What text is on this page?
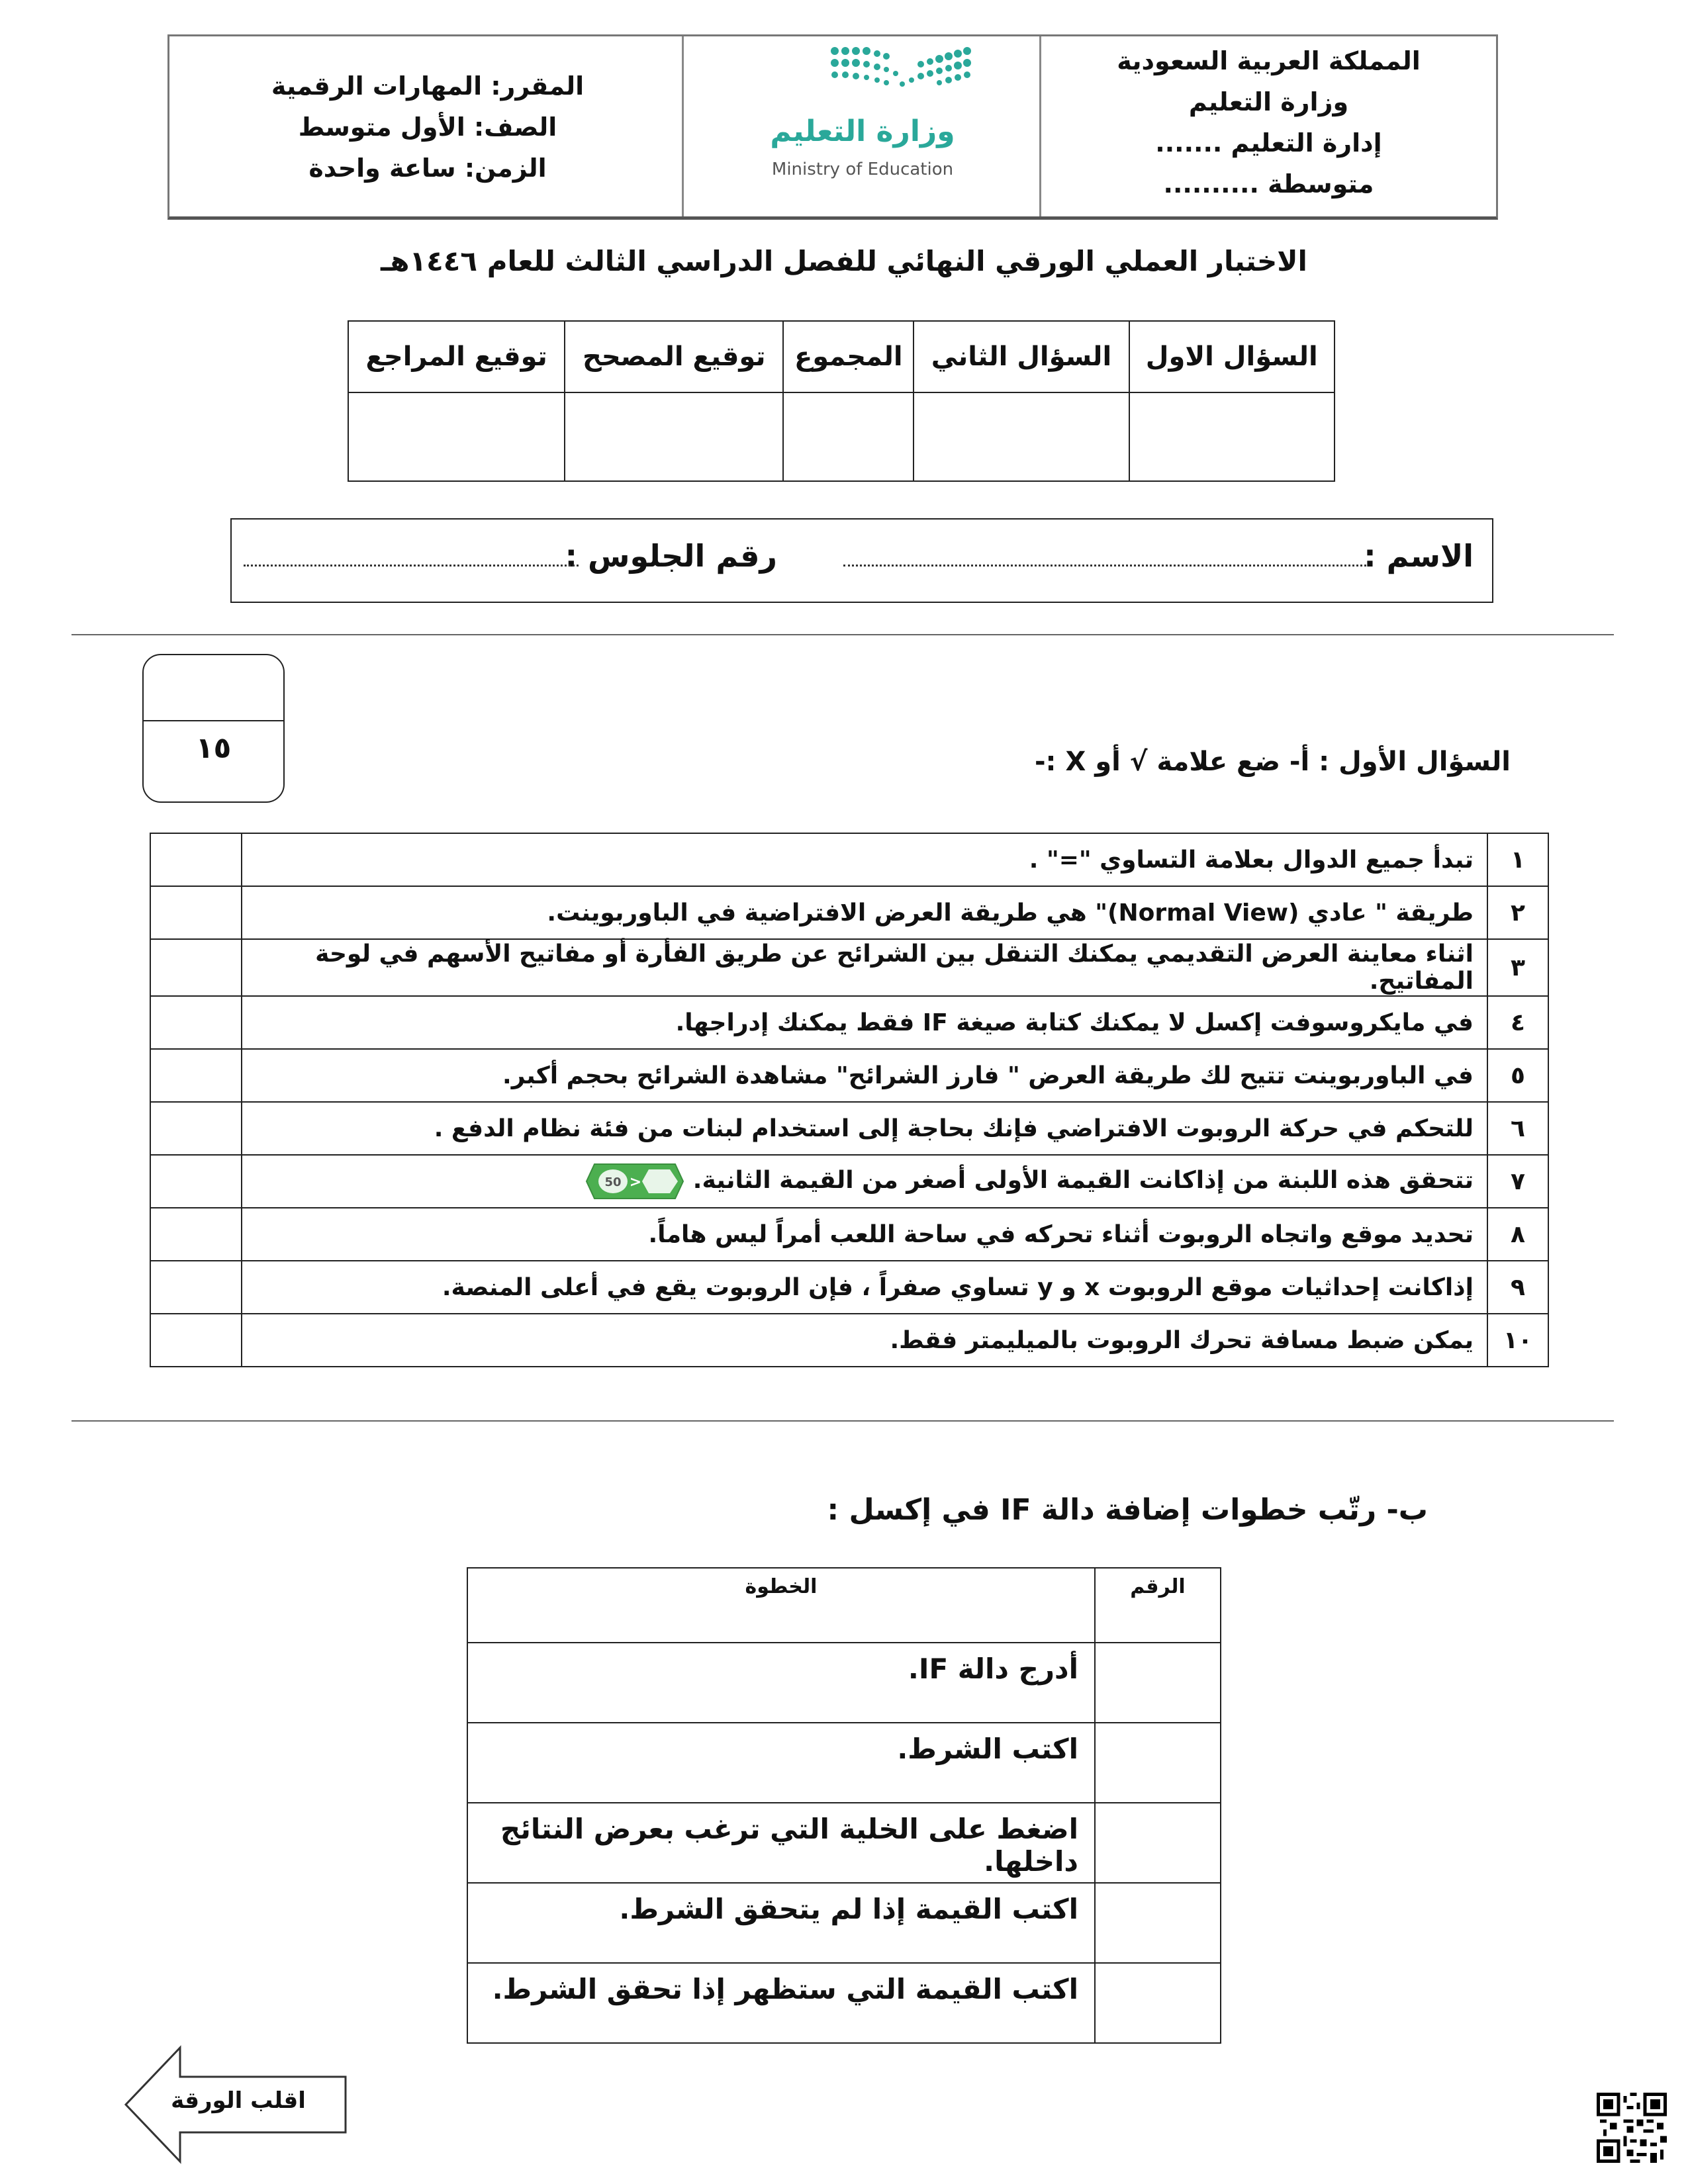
المملكة العربية السعودية
وزارة التعليم
إدارة التعليم .......
متوسطة ..........
وزارة التعليم
Ministry of Education
المقرر: المهارات الرقمية
الصف: الأول متوسط
الزمن: ساعة واحدة
الاختبار العملي الورقي النهائي للفصل الدراسي الثالث للعام ١٤٤٦هـ
السؤال الاول	السؤال الثاني	المجموع	توقيع المصحح	توقيع المراجع

الاسم :
رقم الجلوس :
١٥	السؤال الأول : أ- ضع علامة √ أو X :-
١	تبدأ جميع الدوال بعلامة التساوي "=" .	
٢	طريقة " عادي (Normal View)" هي طريقة العرض الافتراضية في الباوربوينت.	
٣	اثناء معاينة العرض التقديمي يمكنك التنقل بين الشرائح عن طريق الفأرة أو مفاتيح الأسهم في لوحة المفاتيح.	
٤	في مايكروسوفت إكسل لا يمكنك كتابة صيغة IF فقط يمكنك إدراجها.	
٥	في الباوربوينت تتيح لك طريقة العرض " فارز الشرائح" مشاهدة الشرائح بحجم أكبر.	
٦	للتحكم في حركة الروبوت الافتراضي فإنك بحاجة إلى استخدام لبنات من فئة نظام الدفع .	
٧	تتحقق هذه اللبنة من إذاكانت القيمة الأولى أصغر من القيمة الثانية.
50 <	

٨	تحديد موقع واتجاه الروبوت أثناء تحركه في ساحة اللعب أمراً ليس هاماً.	
٩	إذاكانت إحداثيات موقع الروبوت x و y تساوي صفراً ، فإن الروبوت يقع في أعلى المنصة.	
١٠	يمكن ضبط مسافة تحرك الروبوت بالميليمتر فقط.	
ب- رتّب خطوات إضافة دالة IF في إكسل :
الرقم	الخطوة
	أدرج دالة IF.
	اكتب الشرط.
	اضغط على الخلية التي ترغب بعرض النتائج داخلها.
	اكتب القيمة إذا لم يتحقق الشرط.
	اكتب القيمة التي ستظهر إذا تحقق الشرط.
اقلب الورقة
